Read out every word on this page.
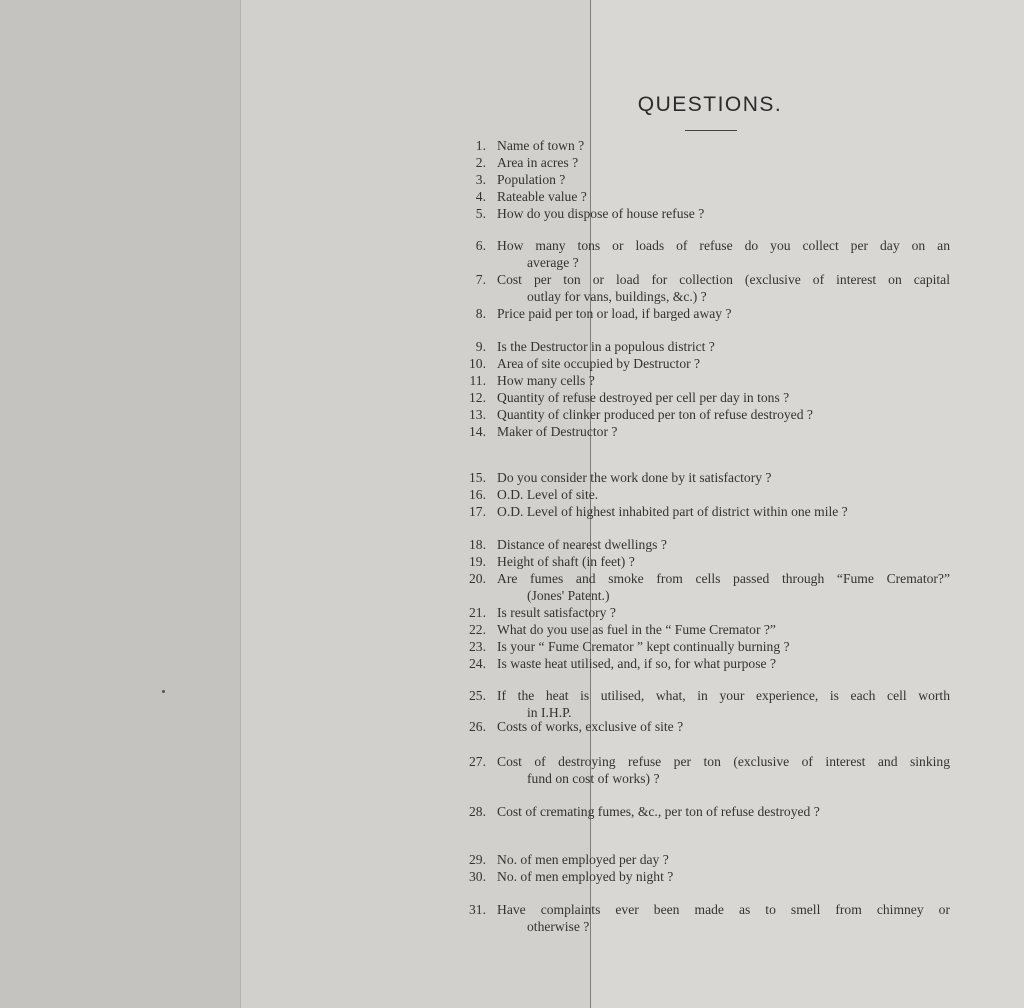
QUESTIONS.
1. Name of town ?
2. Area in acres ?
3. Population ?
4. Rateable value ?
5. How do you dispose of house refuse ?
6. How many tons or loads of refuse do you collect per day on an
average ?
7. Cost per ton or load for collection (exclusive of interest on capital
outlay for vans, buildings, &c.) ?
8. Price paid per ton or load, if barged away ?
9. Is the Destructor in a populous district ?
10. Area of site occupied by Destructor ?
11. How many cells ?
12. Quantity of refuse destroyed per cell per day in tons ?
13. Quantity of clinker produced per ton of refuse destroyed ?
14. Maker of Destructor ?
15. Do you consider the work done by it satisfactory ?
16. O.D. Level of site.
17. O.D. Level of highest inhabited part of district within one mile ?
18. Distance of nearest dwellings ?
19. Height of shaft (in feet) ?
20. Are fumes and smoke from cells passed through “Fume Cremator?”
(Jones' Patent.)
21. Is result satisfactory ?
22. What do you use as fuel in the “ Fume Cremator ?”
23. Is your “ Fume Cremator ” kept continually burning ?
24. Is waste heat utilised, and, if so, for what purpose ?
25. If the heat is utilised, what, in your experience, is each cell worth
in I.H.P.
26. Costs of works, exclusive of site ?
27. Cost of destroying refuse per ton (exclusive of interest and sinking
fund on cost of works) ?
28. Cost of cremating fumes, &c., per ton of refuse destroyed ?
29. No. of men employed per day ?
30. No. of men employed by night ?
31. Have complaints ever been made as to smell from chimney or
otherwise ?
